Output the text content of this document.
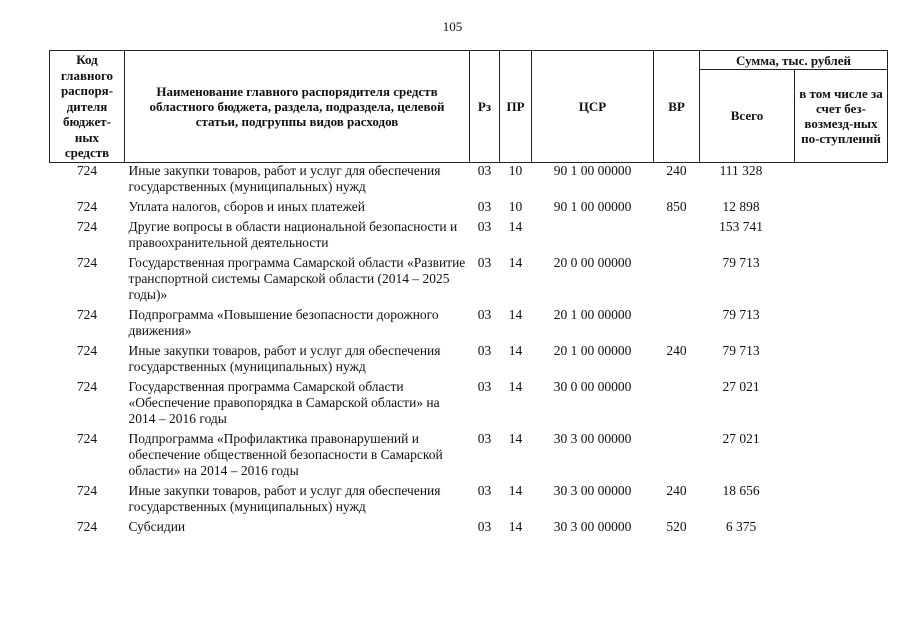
105
Код главного распоря-дителя бюджет-ных средств	Наименование главного распорядителя средств областного бюджета, раздела, подраздела, целевой статьи, подгруппы видов расходов	Рз	ПР	ЦСР	ВР	Сумма, тыс. рублей	
						Всего	в том числе за счет без-возмезд-ных по-ступлений
724	Иные закупки товаров, работ и услуг для обеспечения государственных (муниципальных) нужд	03	10	90 1 00 00000	240	111 328	
724	Уплата налогов, сборов и иных платежей	03	10	90 1 00 00000	850	12 898	
724	Другие вопросы в области национальной безопасности и правоохранительной деятельности	03	14			153 741	
724	Государственная программа Самарской области «Развитие транспортной системы Самарской области (2014 – 2025 годы)»	03	14	20 0 00 00000		79 713	
724	Подпрограмма «Повышение безопасности дорожного движения»	03	14	20 1 00 00000		79 713	
724	Иные закупки товаров, работ и услуг для обеспечения государственных (муниципальных) нужд	03	14	20 1 00 00000	240	79 713	
724	Государственная программа Самарской области «Обеспечение правопорядка в Самарской области» на 2014 – 2016 годы	03	14	30 0 00 00000		27 021	
724	Подпрограмма «Профилактика правонарушений и обеспечение общественной безопасности в Самарской области» на 2014 – 2016 годы	03	14	30 3 00 00000		27 021	
724	Иные закупки товаров, работ и услуг для обеспечения государственных (муниципальных) нужд	03	14	30 3 00 00000	240	18 656	
724	Субсидии	03	14	30 3 00 00000	520	6 375	
